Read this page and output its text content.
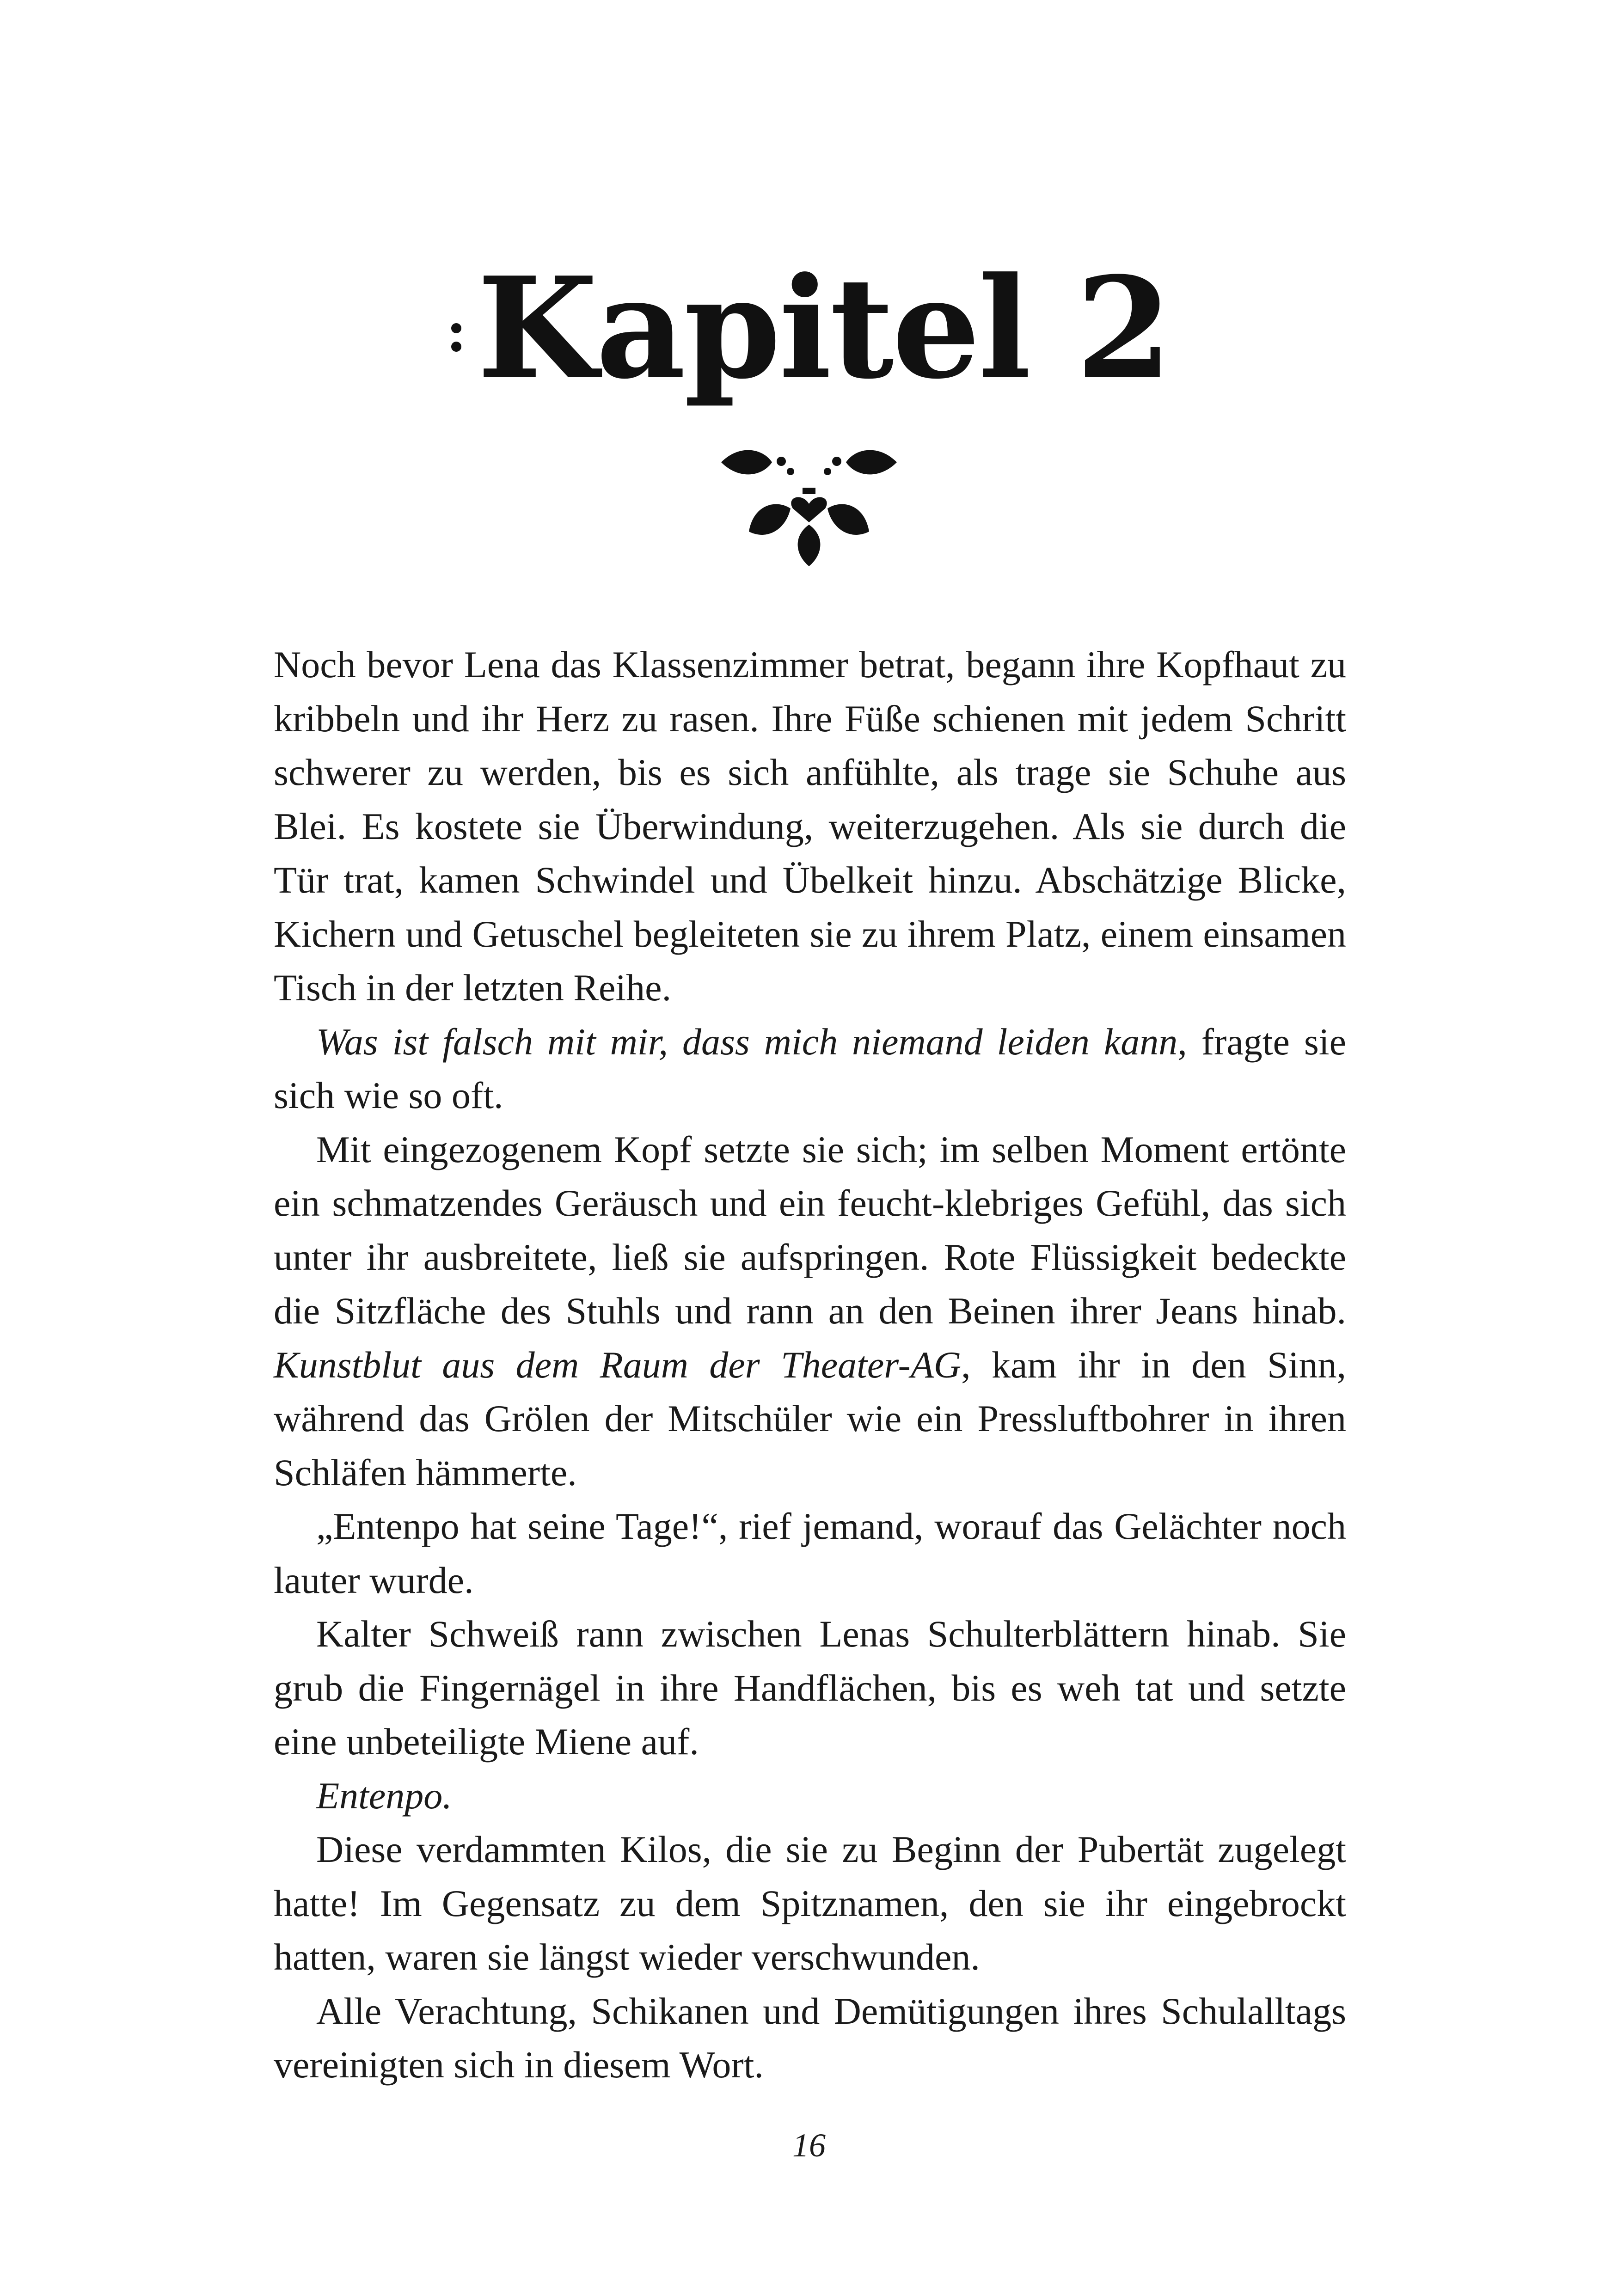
Kapitel 2

Noch bevor Lena das Klassenzimmer betrat, begann ihre Kopfhaut zu kribbeln und ihr Herz zu rasen. Ihre Füße schienen mit jedem Schritt schwerer zu werden, bis es sich anfühlte, als trage sie Schuhe aus Blei. Es kostete sie Überwindung, weiterzugehen. Als sie durch die Tür trat, kamen Schwindel und Übelkeit hinzu. Abschätzige Blicke, Kichern und Getuschel begleiteten sie zu ihrem Platz, einem einsamen Tisch in der letzten Reihe.

Was ist falsch mit mir, dass mich niemand leiden kann, fragte sie sich wie so oft.

Mit eingezogenem Kopf setzte sie sich; im selben Moment ertönte ein schmatzendes Geräusch und ein feucht-klebriges Gefühl, das sich unter ihr ausbreitete, ließ sie aufspringen. Rote Flüssigkeit bedeckte die Sitzfläche des Stuhls und rann an den Beinen ihrer Jeans hinab. Kunstblut aus dem Raum der Theater-AG, kam ihr in den Sinn, während das Grölen der Mitschüler wie ein Pressluftbohrer in ihren Schläfen hämmerte.

„Entenpo hat seine Tage!“, rief jemand, worauf das Gelächter noch lauter wurde.

Kalter Schweiß rann zwischen Lenas Schulterblättern hinab. Sie grub die Fingernägel in ihre Handflächen, bis es weh tat und setzte eine unbeteiligte Miene auf.

Entenpo.

Diese verdammten Kilos, die sie zu Beginn der Pubertät zugelegt hatte! Im Gegensatz zu dem Spitznamen, den sie ihr eingebrockt hatten, waren sie längst wieder verschwunden.

Alle Verachtung, Schikanen und Demütigungen ihres Schulalltags vereinigten sich in diesem Wort.

16
